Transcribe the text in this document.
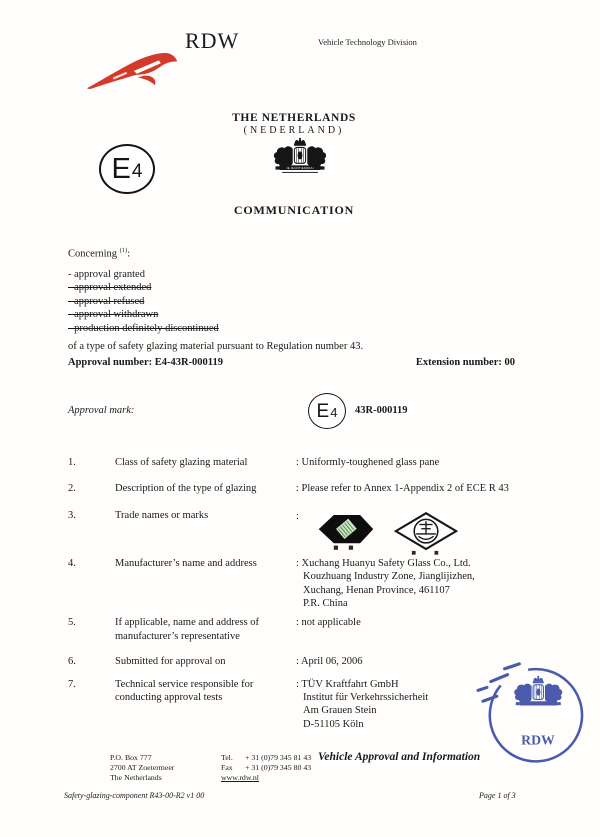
RDW	Vehicle Technology Division
THE NETHERLANDS
(NEDERLAND)
E 4	JE MAINTIENDRAI
COMMUNICATION
Concerning $^{(1)}$:
- approval granted
- approval extended
- approval refused
- approval withdrawn
- production definitely discontinued
of a type of safety glazing material pursuant to Regulation number 43.
Approval number: E4-43R-000119	Extension number: 00
Approval mark:	E 4 43R-000119
1.	Class of safety glazing material	: Uniformly-toughened glass pane
2.	Description of the type of glazing	: Please refer to Annex 1-Appendix 2 of ECE R 43
3.	Trade names or marks	:
4.	Manufacturer’s name and address	: Xuchang Huanyu Safety Glass Co., Ltd.
Kouzhuang Industry Zone, Jianglijizhen,
Xuchang, Henan Province, 461107
P.R. China
5.	If applicable, name and address of
manufacturer’s representative
: not applicable
6.	Submitted for approval on	: April 06, 2006
7.	Technical service responsible for
conducting approval tests
: TÜV Kraftfahrt GmbH
Institut für Verkehrssicherheit
Am Grauen Stein
D-51105 Köln
RDW
P.O. Box 777
2700 AT Zoetermeer
The Netherlands
Tel.	+ 31 (0)79 345 81 43
Fax	+ 31 (0)79 345 80 43
www.rdw.nl
Vehicle Approval and Information
Safety-glazing-component R43-00-R2 v1 00	Page 1 of 3
